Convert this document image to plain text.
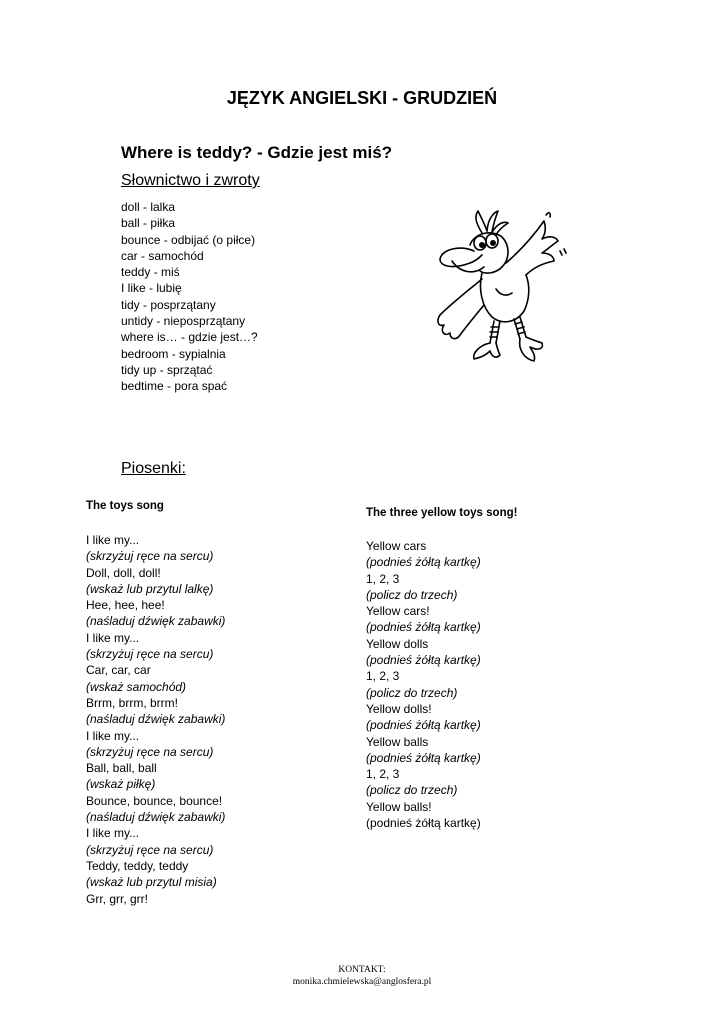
JĘZYK ANGIELSKI - GRUDZIEŃ
Where is teddy? - Gdzie jest miś?
Słownictwo i zwroty
doll - lalka
ball - piłka
bounce - odbijać (o piłce)
car - samochód
teddy - miś
I like - lubię
tidy - posprzątany
untidy - nieposprzątany
where is… - gdzie jest…?
bedroom - sypialnia
tidy up - sprzątać
bedtime - pora spać
Piosenki:
The toys song
I like my...
(skrzyżuj ręce na sercu)
Doll, doll, doll!
(wskaż lub przytul lalkę)
Hee, hee, hee!
(naśladuj dźwięk zabawki)
I like my...
(skrzyżuj ręce na sercu)
Car, car, car
(wskaż samochód)
Brrm, brrm, brrm!
(naśladuj dźwięk zabawki)
I like my...
(skrzyżuj ręce na sercu)
Ball, ball, ball
(wskaż piłkę)
Bounce, bounce, bounce!
(naśladuj dźwięk zabawki)
I like my...
(skrzyżuj ręce na sercu)
Teddy, teddy, teddy
(wskaż lub przytul misia)
Grr, grr, grr!
The three yellow toys song!
Yellow cars
(podnieś żółtą kartkę)
1, 2, 3
(policz do trzech)
Yellow cars!
(podnieś żółtą kartkę)
Yellow dolls
(podnieś żółtą kartkę)
1, 2, 3
(policz do trzech)
Yellow dolls!
(podnieś żółtą kartkę)
Yellow balls
(podnieś żółtą kartkę)
1, 2, 3
(policz do trzech)
Yellow balls!
(podnieś żółtą kartkę)
KONTAKT:
monika.chmielewska@anglosfera.pl
